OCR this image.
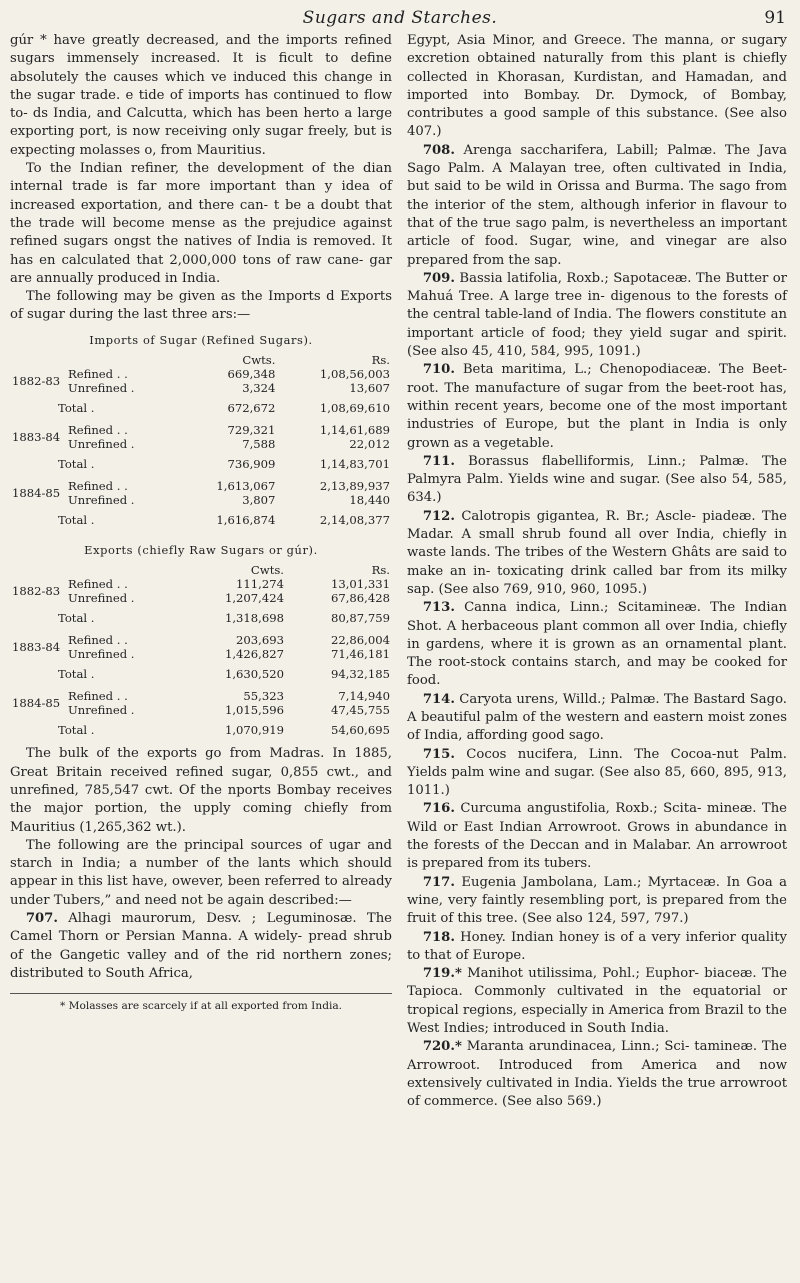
Sugars and Starches.	91

gúr * have greatly decreased, and the imports refined sugars immensely increased. It is ficult to define absolutely the causes which ve induced this change in the sugar trade. e tide of imports has continued to flow to- ds India, and Calcutta, which has been herto a large exporting port, is now receiving only sugar freely, but is expecting molasses o, from Mauritius.

To the Indian refiner, the development of the dian internal trade is far more important than y idea of increased exportation, and there can- t be a doubt that the trade will become mense as the prejudice against refined sugars ongst the natives of India is removed. It has en calculated that 2,000,000 tons of raw cane- gar are annually produced in India.

The following may be given as the Imports d Exports of sugar during the last three ars:—

Imports of Sugar (Refined Sugars).
		Cwts.	Rs.
1882-83	Refined . .	669,348	1,08,56,003
	Unrefined .	3,324	13,607
Total .		672,672	1,08,69,610
1883-84	Refined . .	729,321	1,14,61,689
	Unrefined .	7,588	22,012
Total .		736,909	1,14,83,701
1884-85	Refined . .	1,613,067	2,13,89,937
	Unrefined .	3,807	18,440
Total .		1,616,874	2,14,08,377
Exports (chiefly Raw Sugars or gúr).
		Cwts.	Rs.
1882-83	Refined . .	111,274	13,01,331
	Unrefined .	1,207,424	67,86,428
Total .		1,318,698	80,87,759
1883-84	Refined . .	203,693	22,86,004
	Unrefined .	1,426,827	71,46,181
Total .		1,630,520	94,32,185
1884-85	Refined . .	55,323	7,14,940
	Unrefined .	1,015,596	47,45,755
Total .		1,070,919	54,60,695

The bulk of the exports go from Madras. In 1885, Great Britain received refined sugar, 0,855 cwt., and unrefined, 785,547 cwt. Of the nports Bombay receives the major portion, the upply coming chiefly from Mauritius (1,265,362 wt.).

The following are the principal sources of ugar and starch in India; a number of the lants which should appear in this list have, owever, been referred to already under Tubers,” and need not be again described:—

707. Alhagi maurorum, Desv. ; Leguminosæ. The Camel Thorn or Persian Manna. A widely- pread shrub of the Gangetic valley and of the rid northern zones; distributed to South Africa,

* Molasses are scarcely if at all exported from India.

Egypt, Asia Minor, and Greece. The manna, or sugary excretion obtained naturally from this plant is chiefly collected in Khorasan, Kurdistan, and Hamadan, and imported into Bombay. Dr. Dymock, of Bombay, contributes a good sample of this substance. (See also 407.)

708. Arenga saccharifera, Labill; Palmæ. The Java Sago Palm. A Malayan tree, often cultivated in India, but said to be wild in Orissa and Burma. The sago from the interior of the stem, although inferior in flavour to that of the true sago palm, is nevertheless an important article of food. Sugar, wine, and vinegar are also prepared from the sap.

709. Bassia latifolia, Roxb.; Sapotaceæ. The Butter or Mahuá Tree. A large tree in- digenous to the forests of the central table-land of India. The flowers constitute an important article of food; they yield sugar and spirit. (See also 45, 410, 584, 995, 1091.)

710. Beta maritima, L.; Chenopodiaceæ. The Beet-root. The manufacture of sugar from the beet-root has, within recent years, become one of the most important industries of Europe, but the plant in India is only grown as a vegetable.

711. Borassus flabelliformis, Linn.; Palmæ. The Palmyra Palm. Yields wine and sugar. (See also 54, 585, 634.)

712. Calotropis gigantea, R. Br.; Ascle- piadeæ. The Madar. A small shrub found all over India, chiefly in waste lands. The tribes of the Western Ghâts are said to make an in- toxicating drink called bar from its milky sap. (See also 769, 910, 960, 1095.)

713. Canna indica, Linn.; Scitamineæ. The Indian Shot. A herbaceous plant common all over India, chiefly in gardens, where it is grown as an ornamental plant. The root-stock contains starch, and may be cooked for food.

714. Caryota urens, Willd.; Palmæ. The Bastard Sago. A beautiful palm of the western and eastern moist zones of India, affording good sago.

715. Cocos nucifera, Linn. The Cocoa-nut Palm. Yields palm wine and sugar. (See also 85, 660, 895, 913, 1011.)

716. Curcuma angustifolia, Roxb.; Scita- mineæ. The Wild or East Indian Arrowroot. Grows in abundance in the forests of the Deccan and in Malabar. An arrowroot is prepared from its tubers.

717. Eugenia Jambolana, Lam.; Myrtaceæ. In Goa a wine, very faintly resembling port, is prepared from the fruit of this tree. (See also 124, 597, 797.)

718. Honey. Indian honey is of a very inferior quality to that of Europe.

719.* Manihot utilissima, Pohl.; Euphor- biaceæ. The Tapioca. Commonly cultivated in the equatorial or tropical regions, especially in America from Brazil to the West Indies; introduced in South India.

720.* Maranta arundinacea, Linn.; Sci- tamineæ. The Arrowroot. Introduced from America and now extensively cultivated in India. Yields the true arrowroot of commerce. (See also 569.)
